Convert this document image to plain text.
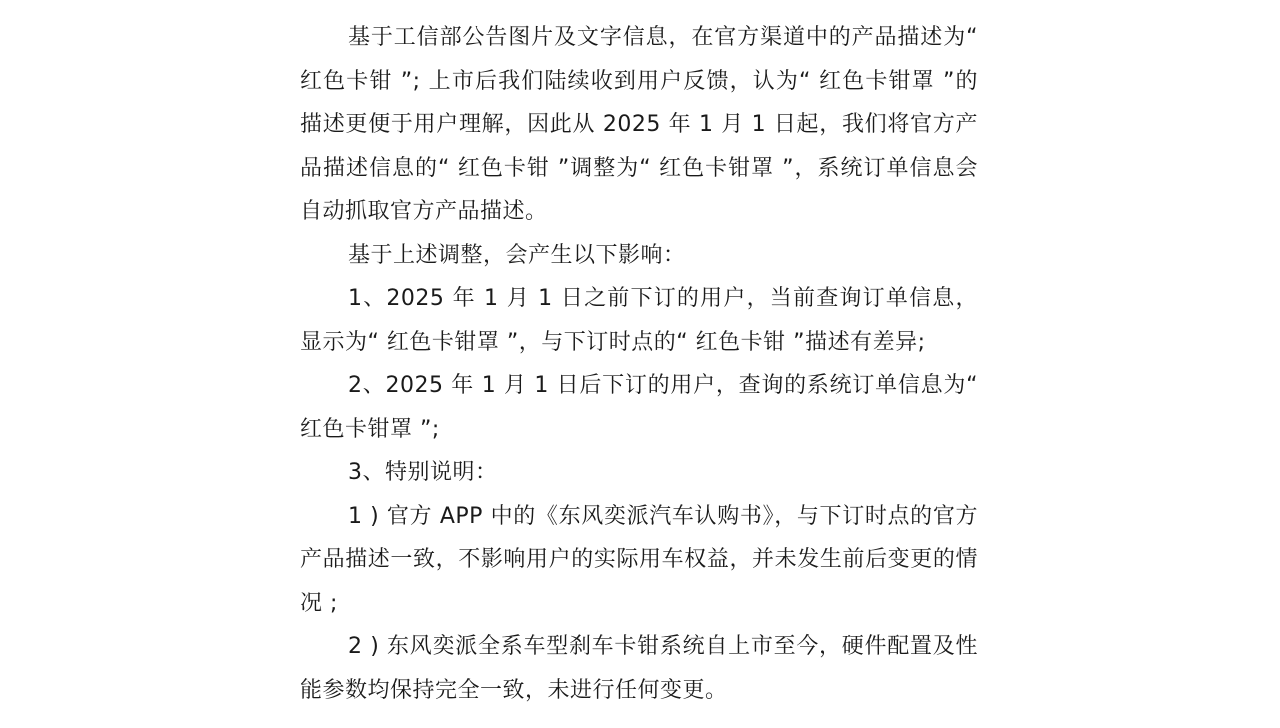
基于工信部公告图片及文字信息，在官方渠道中的产品描述为“ 红色卡钳 ”; 上市后我们陆续收到用户反馈，认为“ 红色卡钳罩 ”的描述更便于用户理解，因此从 2025 年 1 月 1 日起，我们将官方产品描述信息的“ 红色卡钳 ”调整为“ 红色卡钳罩 ”，系统订单信息会自动抓取官方产品描述。

基于上述调整，会产生以下影响：

1、2025 年 1 月 1 日之前下订的用户，当前查询订单信息，显示为“ 红色卡钳罩 ”，与下订时点的“ 红色卡钳 ”描述有差异;

2、2025 年 1 月 1 日后下订的用户，查询的系统订单信息为“ 红色卡钳罩 ”;

3、特别说明：

1 ) 官方 APP 中的《东风奕派汽车认购书》，与下订时点的官方产品描述一致，不影响用户的实际用车权益，并未发生前后变更的情况 ;

2 ) 东风奕派全系车型刹车卡钳系统自上市至今，硬件配置及性能参数均保持完全一致，未进行任何变更。
